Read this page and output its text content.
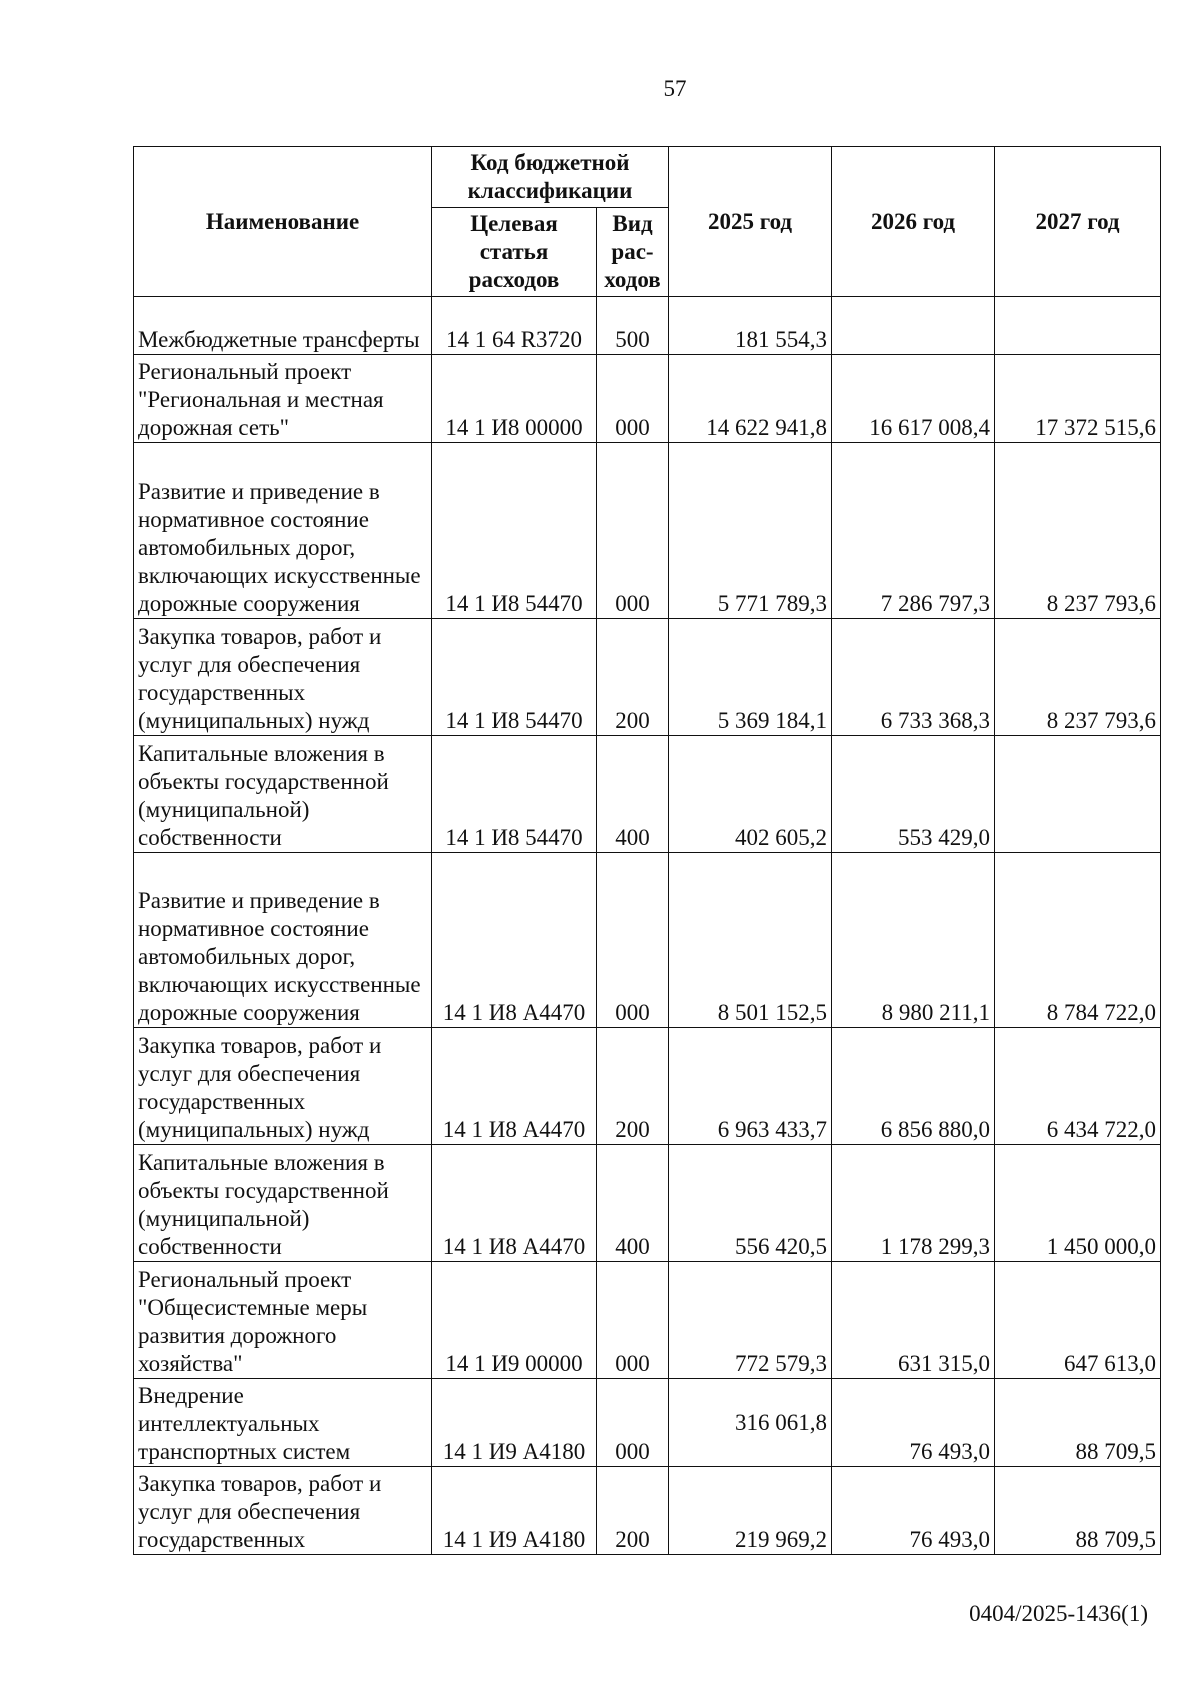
57
Наименование	Код бюджетной классификации		2025 год	2026 год	2027 год
	Целевая статья расходов	Вид рас-ходов			
Межбюджетные трансферты	14 1 64 R3720	500	181 554,3		
Региональный проект "Региональная и местная дорожная сеть"	14 1 И8 00000	000	14 622 941,8	16 617 008,4	17 372 515,6
Развитие и приведение в нормативное состояние автомобильных дорог, включающих искусственные дорожные сооружения	14 1 И8 54470	000	5 771 789,3	7 286 797,3	8 237 793,6
Закупка товаров, работ и услуг для обеспечения государственных (муниципальных) нужд	14 1 И8 54470	200	5 369 184,1	6 733 368,3	8 237 793,6
Капитальные вложения в объекты государственной (муниципальной) собственности	14 1 И8 54470	400	402 605,2	553 429,0	
Развитие и приведение в нормативное состояние автомобильных дорог, включающих искусственные дорожные сооружения	14 1 И8 А4470	000	8 501 152,5	8 980 211,1	8 784 722,0
Закупка товаров, работ и услуг для обеспечения государственных (муниципальных) нужд	14 1 И8 А4470	200	6 963 433,7	6 856 880,0	6 434 722,0
Капитальные вложения в объекты государственной (муниципальной) собственности	14 1 И8 А4470	400	556 420,5	1 178 299,3	1 450 000,0
Региональный проект "Общесистемные меры развития дорожного хозяйства"	14 1 И9 00000	000	772 579,3	631 315,0	647 613,0
Внедрение интеллектуальных транспортных систем	14 1 И9 А4180	000	316 061,8	76 493,0	88 709,5
Закупка товаров, работ и услуг для обеспечения государственных	14 1 И9 А4180	200	219 969,2	76 493,0	88 709,5
0404/2025-1436(1)
